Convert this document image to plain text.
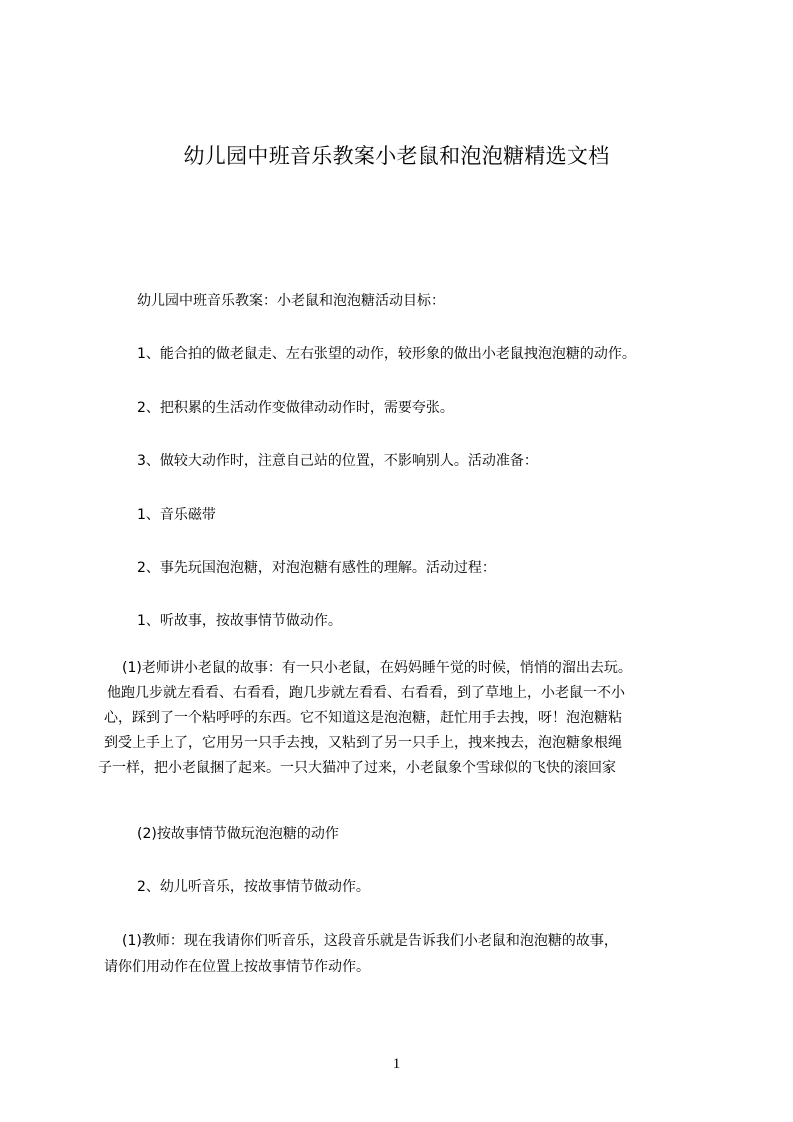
幼儿园中班音乐教案小老鼠和泡泡糖精选文档
幼儿园中班音乐教案：小老鼠和泡泡糖活动目标：
1、能合拍的做老鼠走、左右张望的动作，较形象的做出小老鼠拽泡泡糖的动作。
2、把积累的生活动作变做律动动作时，需要夸张。
3、做较大动作时，注意自己站的位置，不影响别人。活动准备：
1、音乐磁带
2、事先玩国泡泡糖，对泡泡糖有感性的理解。活动过程：
1、听故事，按故事情节做动作。
(1)老师讲小老鼠的故事：有一只小老鼠，在妈妈睡午觉的时候，悄悄的溜出去玩。
他跑几步就左看看、右看看，跑几步就左看看、右看看，到了草地上，小老鼠一不小
心，踩到了一个粘呼呼的东西。它不知道这是泡泡糖，赶忙用手去拽，呀！泡泡糖粘
到受上手上了，它用另一只手去拽，又粘到了另一只手上，拽来拽去，泡泡糖象根绳
子一样，把小老鼠捆了起来。一只大猫冲了过来，小老鼠象个雪球似的飞快的滚回家
(2)按故事情节做玩泡泡糖的动作
2、幼儿听音乐，按故事情节做动作。
(1)教师：现在我请你们听音乐，这段音乐就是告诉我们小老鼠和泡泡糖的故事，
请你们用动作在位置上按故事情节作动作。
1
